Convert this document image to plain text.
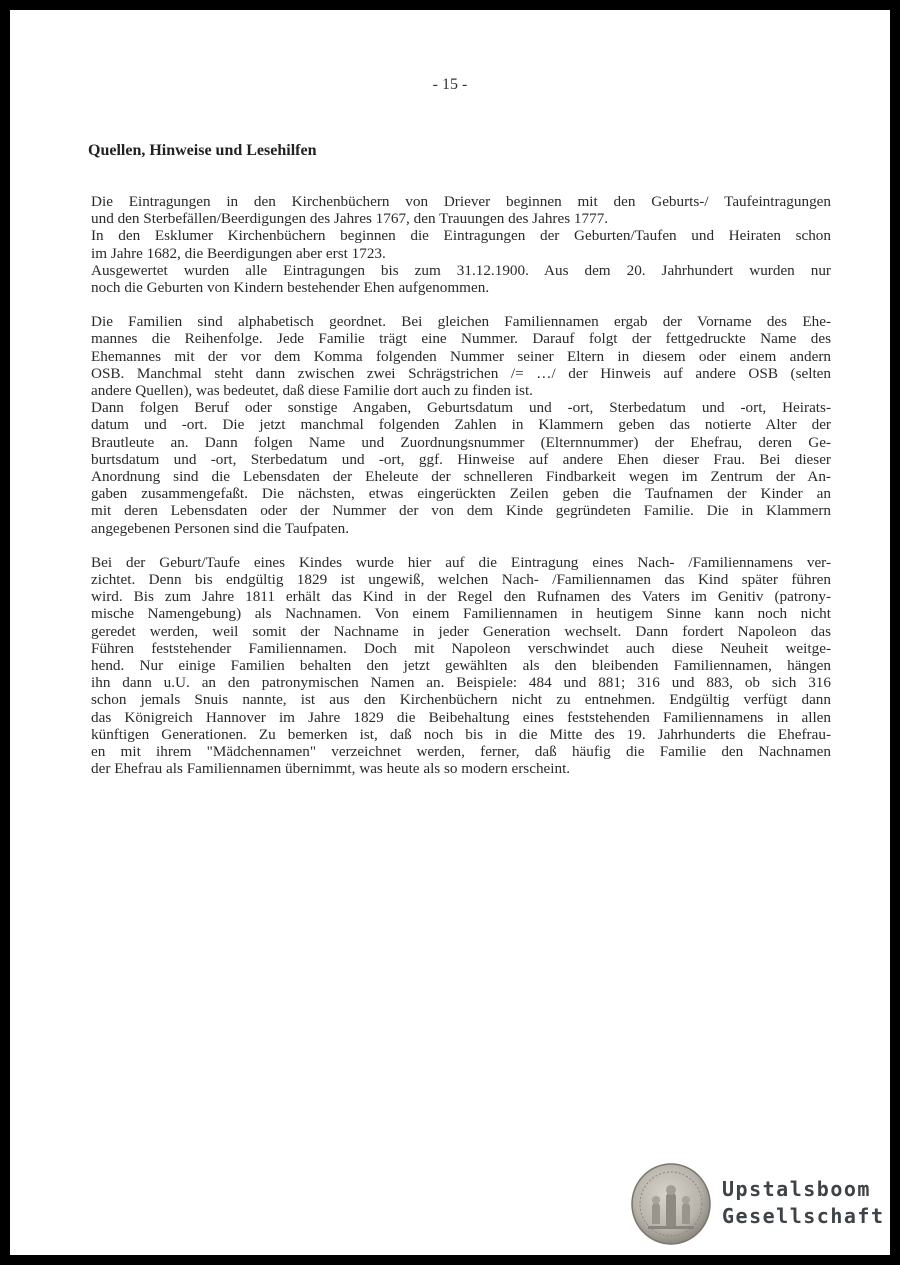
- 15 -
Quellen, Hinweise und Lesehilfen

Die Eintragungen in den Kirchenbüchern von Driever beginnen mit den Geburts-/ Taufeintragungen
und den Sterbefällen/Beerdigungen des Jahres 1767, den Trauungen des Jahres 1777.
In den Esklumer Kirchenbüchern beginnen die Eintragungen der Geburten/Taufen und Heiraten schon
im Jahre 1682, die Beerdigungen aber erst 1723.
Ausgewertet wurden alle Eintragungen bis zum 31.12.1900. Aus dem 20. Jahrhundert wurden nur
noch die Geburten von Kindern bestehender Ehen aufgenommen.

Die Familien sind alphabetisch geordnet. Bei gleichen Familiennamen ergab der Vorname des Ehe-
mannes die Reihenfolge. Jede Familie trägt eine Nummer. Darauf folgt der fettgedruckte Name des
Ehemannes mit der vor dem Komma folgenden Nummer seiner Eltern in diesem oder einem andern
OSB. Manchmal steht dann zwischen zwei Schrägstrichen /= …/ der Hinweis auf andere OSB (selten
andere Quellen), was bedeutet, daß diese Familie dort auch zu finden ist.
Dann folgen Beruf oder sonstige Angaben, Geburtsdatum und -ort, Sterbedatum und -ort, Heirats-
datum und -ort. Die jetzt manchmal folgenden Zahlen in Klammern geben das notierte Alter der
Brautleute an. Dann folgen Name und Zuordnungsnummer (Elternnummer) der Ehefrau, deren Ge-
burtsdatum und -ort, Sterbedatum und -ort, ggf. Hinweise auf andere Ehen dieser Frau. Bei dieser
Anordnung sind die Lebensdaten der Eheleute der schnelleren Findbarkeit wegen im Zentrum der An-
gaben zusammengefaßt. Die nächsten, etwas eingerückten Zeilen geben die Taufnamen der Kinder an
mit deren Lebensdaten oder der Nummer der von dem Kinde gegründeten Familie. Die in Klammern
angegebenen Personen sind die Taufpaten.

Bei der Geburt/Taufe eines Kindes wurde hier auf die Eintragung eines Nach- /Familiennamens ver-
zichtet. Denn bis endgültig 1829 ist ungewiß, welchen Nach- /Familiennamen das Kind später führen
wird. Bis zum Jahre 1811 erhält das Kind in der Regel den Rufnamen des Vaters im Genitiv (patrony-
mische Namengebung) als Nachnamen. Von einem Familiennamen in heutigem Sinne kann noch nicht
geredet werden, weil somit der Nachname in jeder Generation wechselt. Dann fordert Napoleon das
Führen feststehender Familiennamen. Doch mit Napoleon verschwindet auch diese Neuheit weitge-
hend. Nur einige Familien behalten den jetzt gewählten als den bleibenden Familiennamen, hängen
ihn dann u.U. an den patronymischen Namen an. Beispiele: 484 und 881; 316 und 883, ob sich 316
schon jemals Snuis nannte, ist aus den Kirchenbüchern nicht zu entnehmen. Endgültig verfügt dann
das Königreich Hannover im Jahre 1829 die Beibehaltung eines feststehenden Familiennamens in allen
künftigen Generationen. Zu bemerken ist, daß noch bis in die Mitte des 19. Jahrhunderts die Ehefrau-
en mit ihrem "Mädchennamen" verzeichnet werden, ferner, daß häufig die Familie den Nachnamen
der Ehefrau als Familiennamen übernimmt, was heute als so modern erscheint.

Upstalsboom
Gesellschaft
